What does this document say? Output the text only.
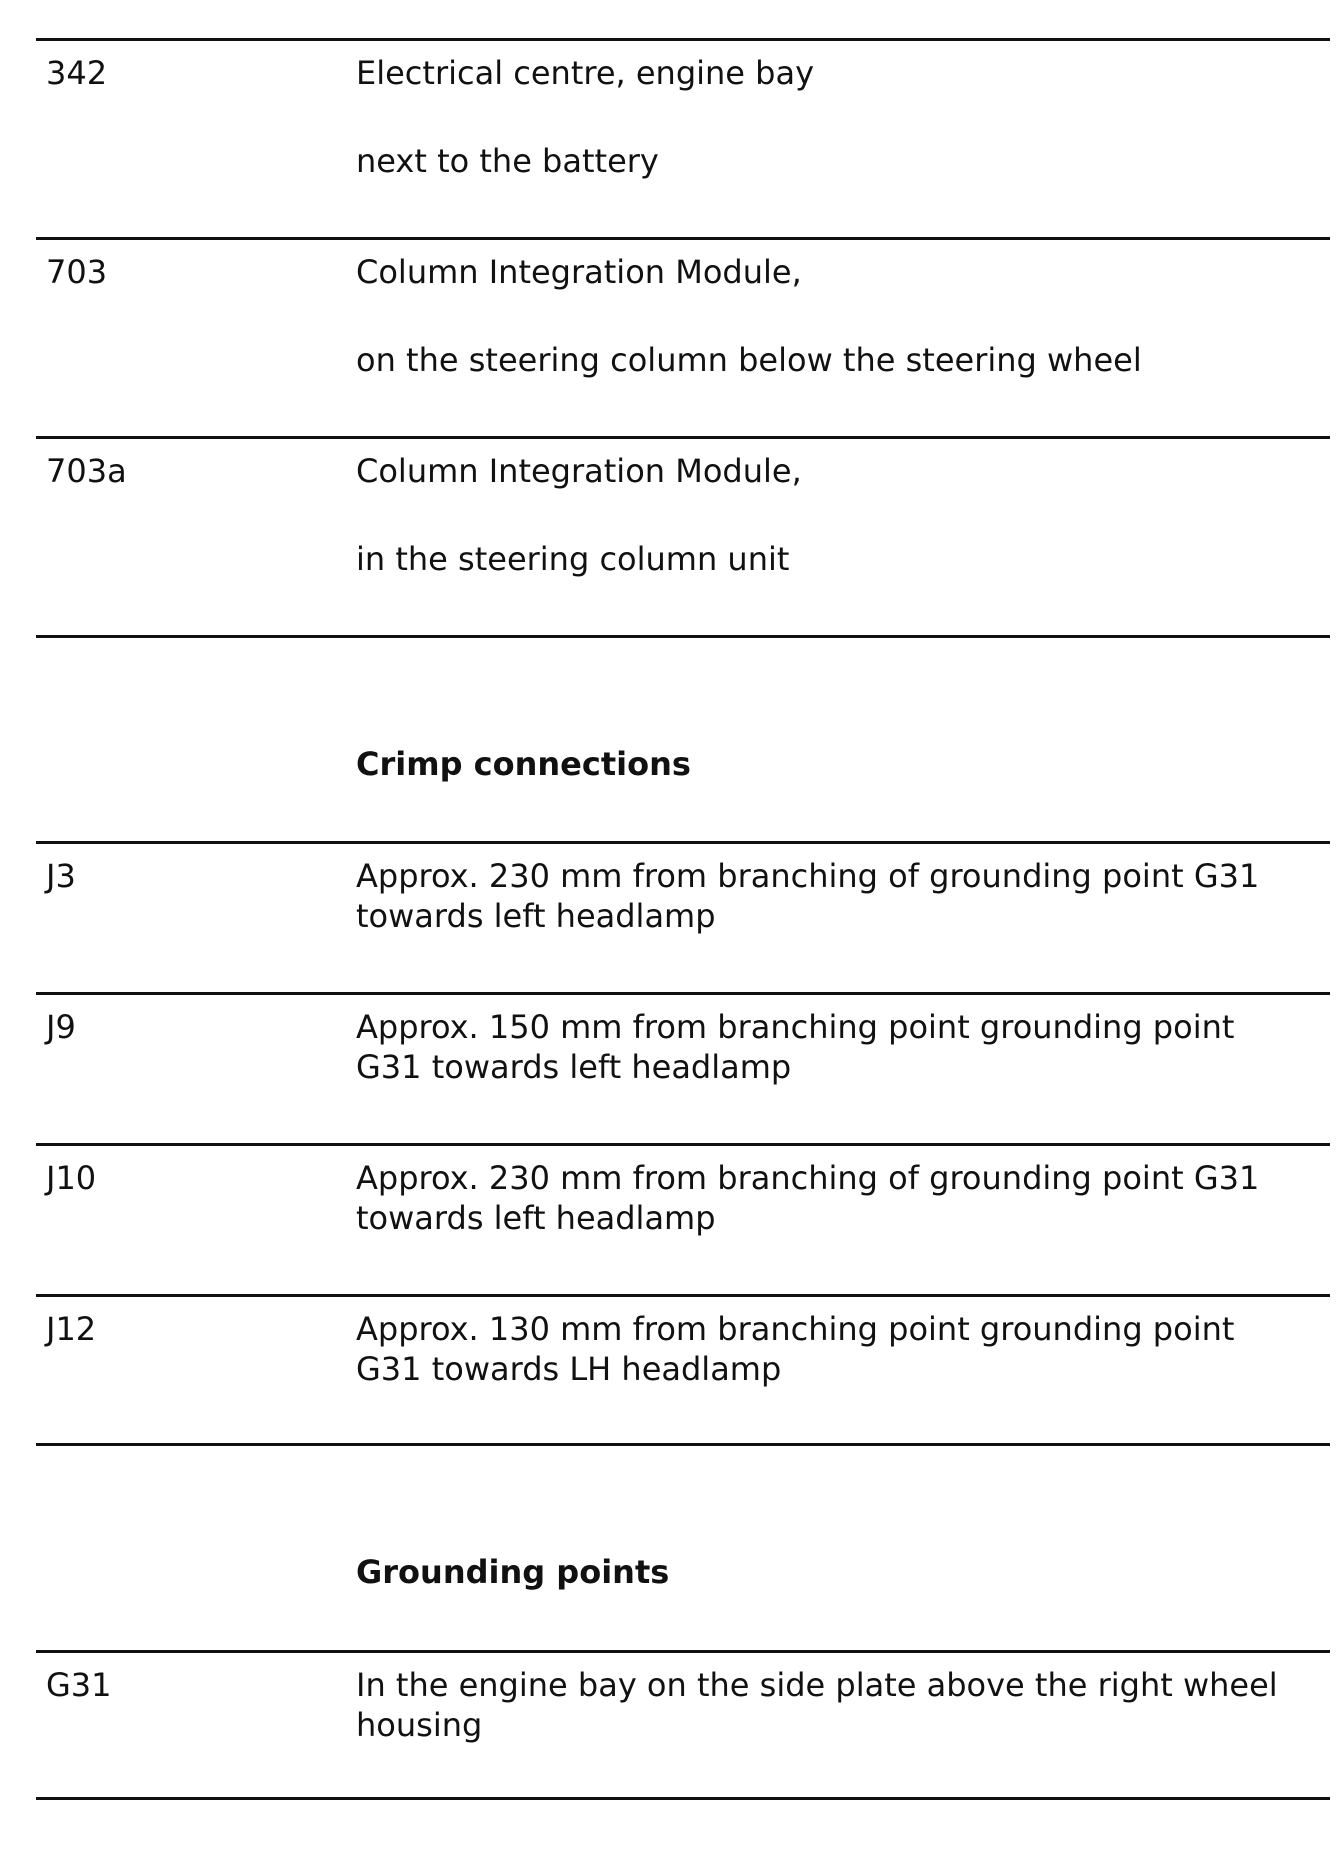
342	Electrical centre, engine bay
next to the battery
703	Column Integration Module,
on the steering column below the steering wheel
703a	Column Integration Module,
in the steering column unit
Crimp connections
J3	Approx. 230 mm from branching of grounding point G31
towards left headlamp
J9	Approx. 150 mm from branching point grounding point
G31 towards left headlamp
J10	Approx. 230 mm from branching of grounding point G31
towards left headlamp
J12	Approx. 130 mm from branching point grounding point
G31 towards LH headlamp
Grounding points
G31	In the engine bay on the side plate above the right wheel
housing
